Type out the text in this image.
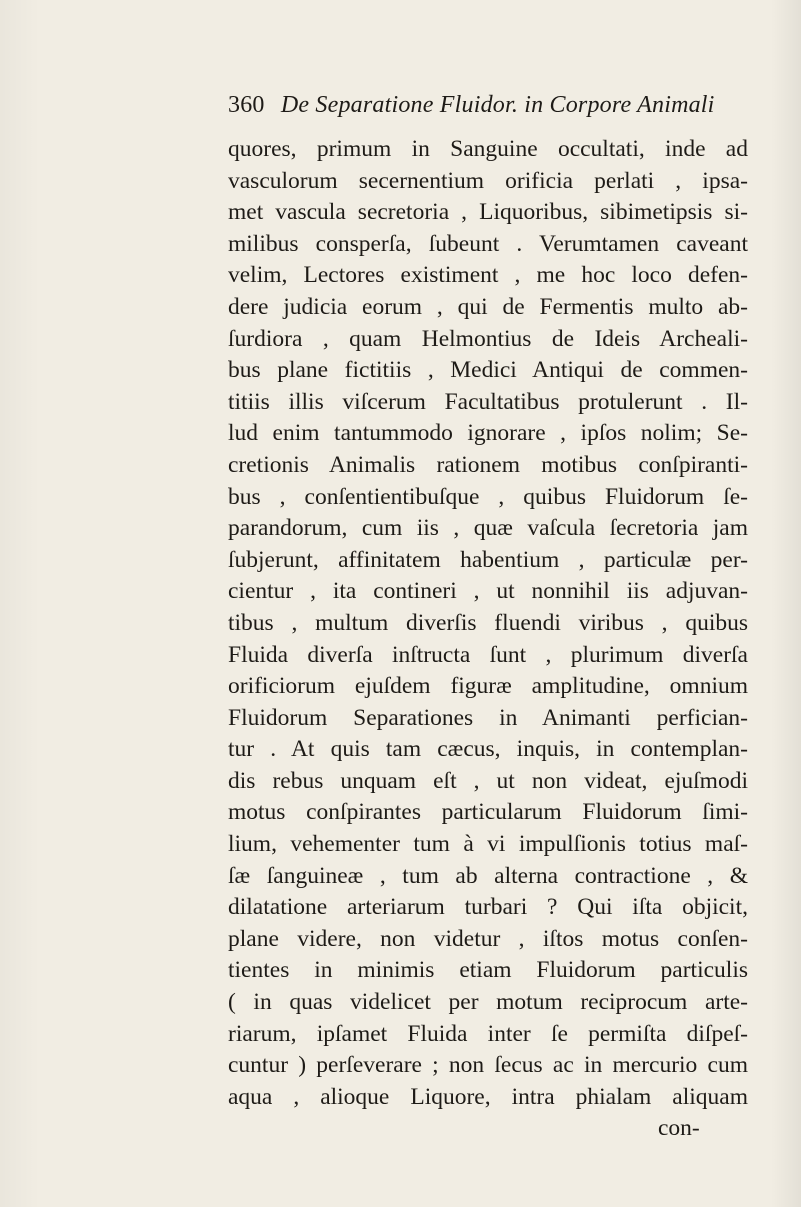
360 De Separatione Fluidor. in Corpore Animali
quores, primum in Sanguine occultati, inde ad
vasculorum secernentium orificia perlati , ipsa-
met vascula secretoria , Liquoribus, sibimetipsis si-
milibus consperſa, ſubeunt . Verumtamen caveant
velim, Lectores existiment , me hoc loco defen-
dere judicia eorum , qui de Fermentis multo ab-
ſurdiora , quam Helmontius de Ideis Archeali-
bus plane fictitiis , Medici Antiqui de commen-
titiis illis viſcerum Facultatibus protulerunt . Il-
lud enim tantummodo ignorare , ipſos nolim; Se-
cretionis Animalis rationem motibus conſpiranti-
bus , conſentientibuſque , quibus Fluidorum ſe-
parandorum, cum iis , quæ vaſcula ſecretoria jam
ſubjerunt, affinitatem habentium , particulæ per-
cientur , ita contineri , ut nonnihil iis adjuvan-
tibus , multum diverſis fluendi viribus , quibus
Fluida diverſa inſtructa ſunt , plurimum diverſa
orificiorum ejuſdem figuræ amplitudine, omnium
Fluidorum Separationes in Animanti perfician-
tur . At quis tam cæcus, inquis, in contemplan-
dis rebus unquam eſt , ut non videat, ejuſmodi
motus conſpirantes particularum Fluidorum ſimi-
lium, vehementer tum à vi impulſionis totius maſ-
ſæ ſanguineæ , tum ab alterna contractione , &
dilatatione arteriarum turbari ? Qui iſta objicit,
plane videre, non videtur , iſtos motus conſen-
tientes in minimis etiam Fluidorum particulis
( in quas videlicet per motum reciprocum arte-
riarum, ipſamet Fluida inter ſe permiſta diſpeſ-
cuntur ) perſeverare ; non ſecus ac in mercurio cum
aqua , alioque Liquore, intra phialam aliquam
con-
